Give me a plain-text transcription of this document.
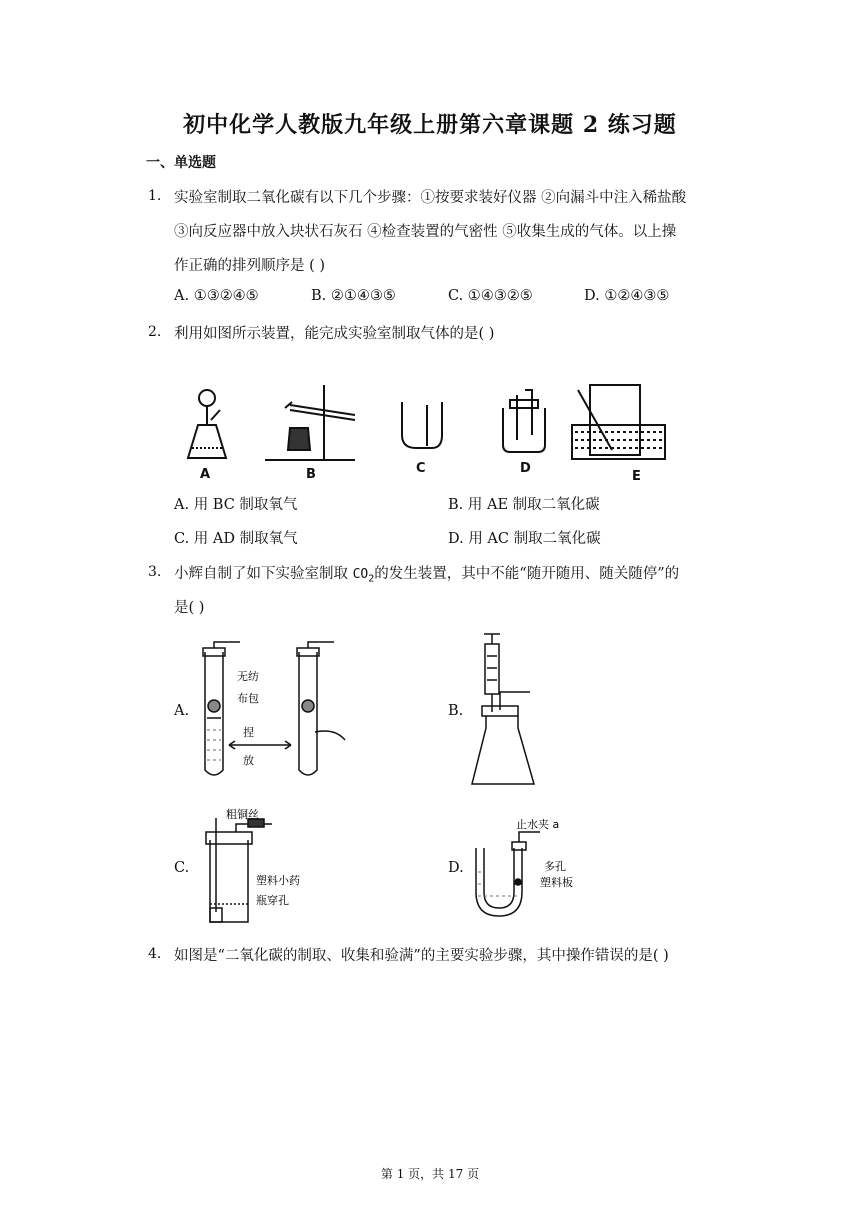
初中化学人教版九年级上册第六章课题 2 练习题
一、单选题
1. 实验室制取二氧化碳有以下几个步骤：①按要求装好仪器 ②向漏斗中注入稀盐酸
③向反应器中放入块状石灰石 ④检查装置的气密性 ⑤收集生成的气体。以上操
作正确的排列顺序是 ( )
A. ①③②④⑤	B. ②①④③⑤	C. ①④③②⑤	D. ①②④③⑤
2. 利用如图所示装置，能完成实验室制取气体的是( )
A	B	C	D
E
A. 用 BC 制取氧气	B. 用 AE 制取二氧化碳
C. 用 AD 制取氧气	D. 用 AC 制取二氧化碳
3. 小辉自制了如下实验室制取 $CO_2$的发生装置，其中不能“随开随用、随关随停”的
是( )
A.	B.
C.	D.
无纺
布包
捏
放
粗铜丝
塑料小药
瓶穿孔
止水夹 a
多孔
塑料板
4. 如图是“二氧化碳的制取、收集和验满”的主要实验步骤，其中操作错误的是( )
第 1 页，共 17 页
